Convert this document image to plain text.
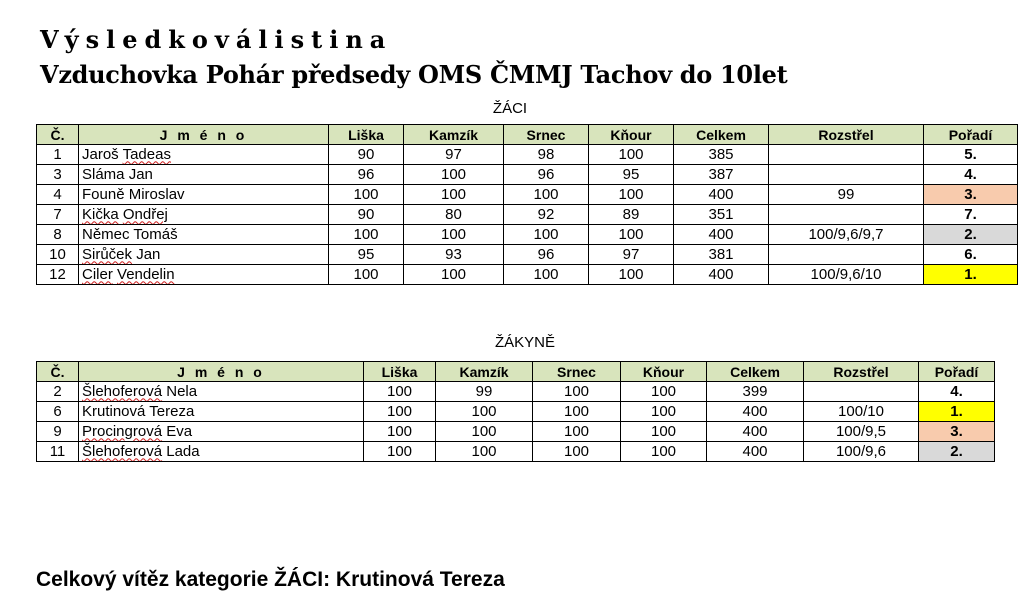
Výsledkoválistina
Vzduchovka Pohár předsedy OMS ČMMJ Tachov do 10let
ŽÁCI
Č.	J m é n o	Liška	Kamzík	Srnec	Kňour	Celkem	Rozstřel	Pořadí
1	Jaroš Tadeas	90	97	98	100	385		5.
3	Sláma Jan	96	100	96	95	387		4.
4	Founě Miroslav	100	100	100	100	400	99	3.
7	Kička Ondřej	90	80	92	89	351		7.
8	Němec Tomáš	100	100	100	100	400	100/9,6/9,7	2.
10	Sirůček Jan	95	93	96	97	381		6.
12	Ciler Vendelin	100	100	100	100	400	100/9,6/10	1.
ŽÁKYNĚ
Č.	J m é n o	Liška	Kamzík	Srnec	Kňour	Celkem	Rozstřel	Pořadí
2	Šlehoferová Nela	100	99	100	100	399		4.
6	Krutinová Tereza	100	100	100	100	400	100/10	1.
9	Procingrová Eva	100	100	100	100	400	100/9,5	3.
11	Šlehoferová Lada	100	100	100	100	400	100/9,6	2.
Celkový vítěz kategorie ŽÁCI: Krutinová Tereza
